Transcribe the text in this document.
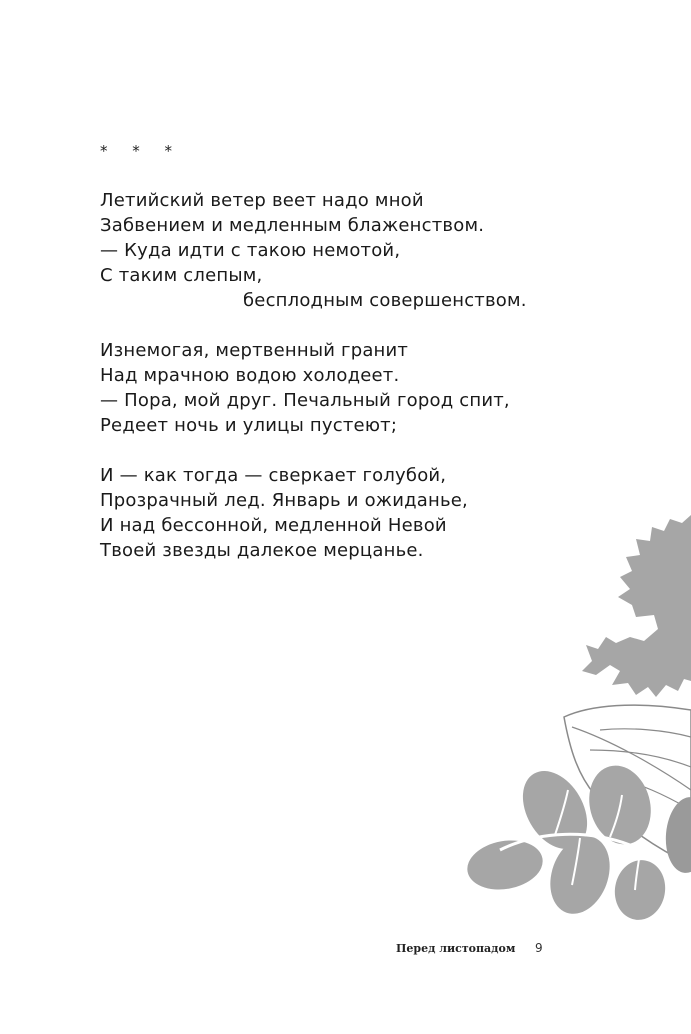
* * *
Летийский ветер веет надо мной
Забвением и медленным блаженством.
— Куда идти с такою немотой,
С таким слепым,
бесплодным совершенством.
Изнемогая, мертвенный гранит
Над мрачною водою холодеет.
— Пора, мой друг. Печальный город спит,
Редеет ночь и улицы пустеют;
И — как тогда — сверкает голубой,
Прозрачный лед. Январь и ожиданье,
И над бессонной, медленной Невой
Твоей звезды далекое мерцанье.
Перед листопадом 9
